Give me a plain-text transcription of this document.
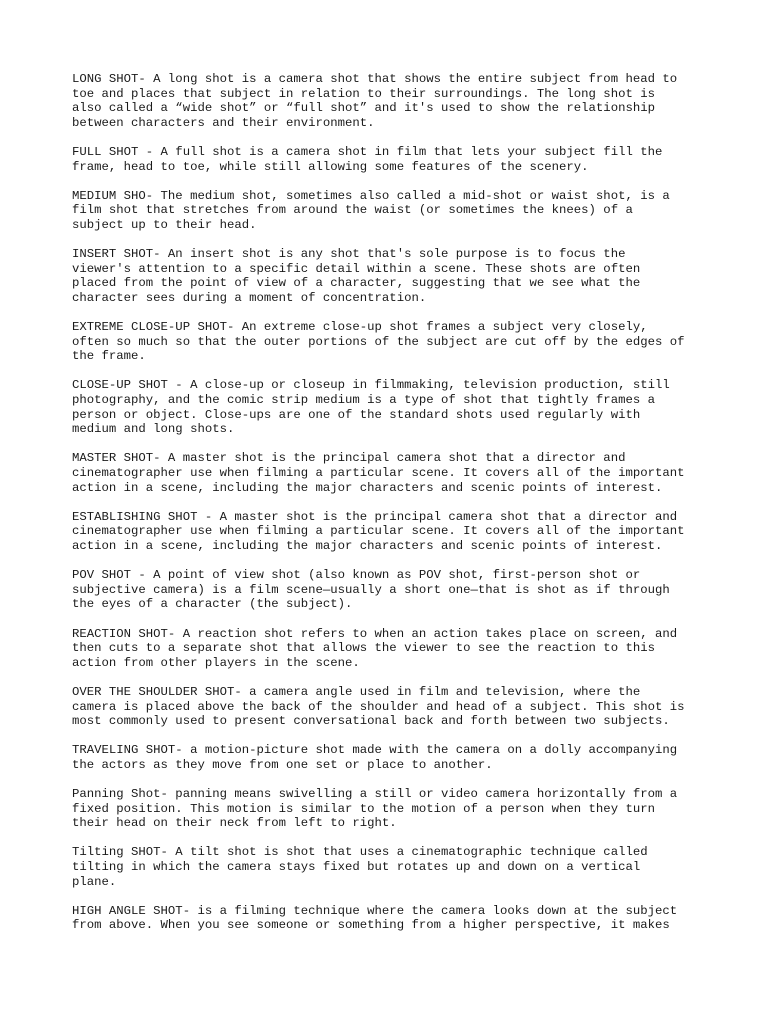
LONG SHOT- A long shot is a camera shot that shows the entire subject from head to
toe and places that subject in relation to their surroundings. The long shot is
also called a “wide shot” or “full shot” and it's used to show the relationship
between characters and their environment.

FULL SHOT - A full shot is a camera shot in film that lets your subject fill the
frame, head to toe, while still allowing some features of the scenery.

MEDIUM SHO- The medium shot, sometimes also called a mid-shot or waist shot, is a
film shot that stretches from around the waist (or sometimes the knees) of a
subject up to their head.

INSERT SHOT- An insert shot is any shot that's sole purpose is to focus the
viewer's attention to a specific detail within a scene. These shots are often
placed from the point of view of a character, suggesting that we see what the
character sees during a moment of concentration.

EXTREME CLOSE-UP SHOT- An extreme close-up shot frames a subject very closely,
often so much so that the outer portions of the subject are cut off by the edges of
the frame.

CLOSE-UP SHOT - A close-up or closeup in filmmaking, television production, still
photography, and the comic strip medium is a type of shot that tightly frames a
person or object. Close-ups are one of the standard shots used regularly with
medium and long shots.

MASTER SHOT- A master shot is the principal camera shot that a director and
cinematographer use when filming a particular scene. It covers all of the important
action in a scene, including the major characters and scenic points of interest.

ESTABLISHING SHOT - A master shot is the principal camera shot that a director and
cinematographer use when filming a particular scene. It covers all of the important
action in a scene, including the major characters and scenic points of interest.

POV SHOT - A point of view shot (also known as POV shot, first-person shot or
subjective camera) is a film scene—usually a short one—that is shot as if through
the eyes of a character (the subject).

REACTION SHOT- A reaction shot refers to when an action takes place on screen, and
then cuts to a separate shot that allows the viewer to see the reaction to this
action from other players in the scene.

OVER THE SHOULDER SHOT- a camera angle used in film and television, where the
camera is placed above the back of the shoulder and head of a subject. This shot is
most commonly used to present conversational back and forth between two subjects.

TRAVELING SHOT- a motion-picture shot made with the camera on a dolly accompanying
the actors as they move from one set or place to another.

Panning Shot- panning means swivelling a still or video camera horizontally from a
fixed position. This motion is similar to the motion of a person when they turn
their head on their neck from left to right.

Tilting SHOT- A tilt shot is shot that uses a cinematographic technique called
tilting in which the camera stays fixed but rotates up and down on a vertical
plane.

HIGH ANGLE SHOT- is a filming technique where the camera looks down at the subject
from above. When you see someone or something from a higher perspective, it makes
